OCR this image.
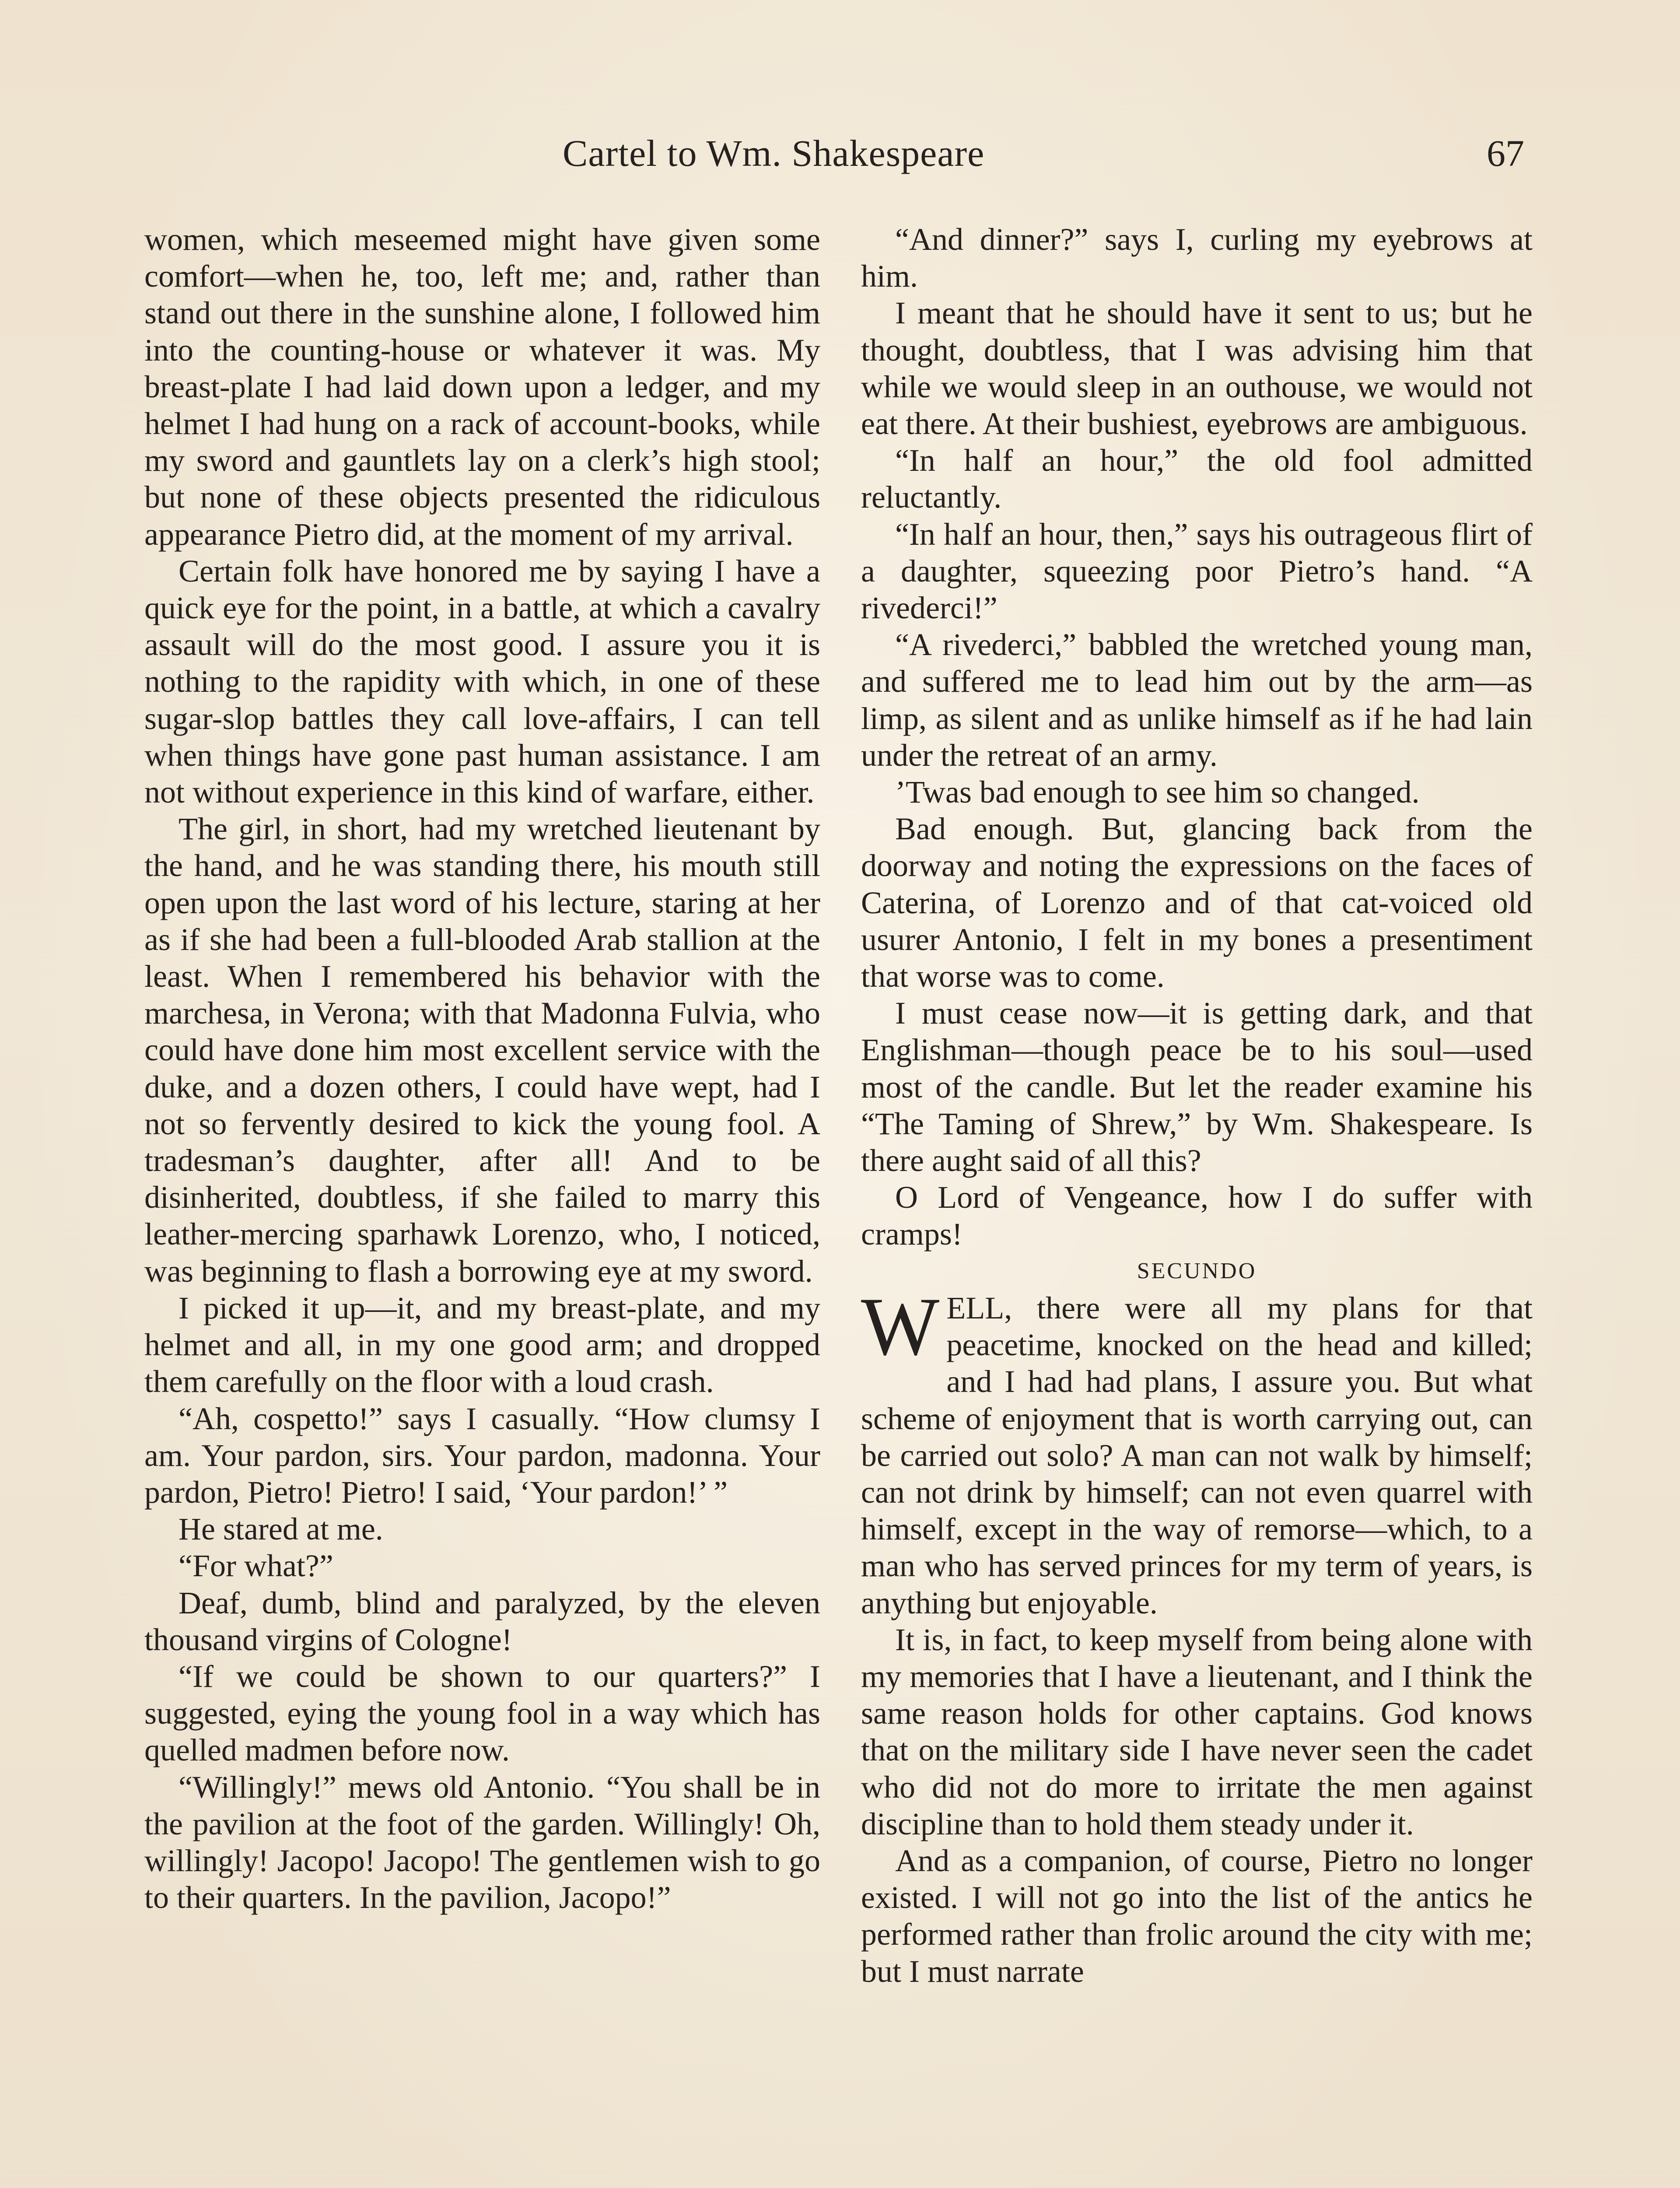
Cartel to Wm. Shakespeare	67

women, which meseemed might have given some comfort—when he, too, left me; and, rather than stand out there in the sunshine alone, I followed him into the counting-house or whatever it was. My breast-plate I had laid down upon a ledger, and my helmet I had hung on a rack of account-books, while my sword and gauntlets lay on a clerk’s high stool; but none of these objects presented the ridiculous appearance Pietro did, at the moment of my arrival.

Certain folk have honored me by saying I have a quick eye for the point, in a battle, at which a cavalry assault will do the most good. I assure you it is nothing to the rapidity with which, in one of these sugar-slop battles they call love-affairs, I can tell when things have gone past human assistance. I am not without experience in this kind of warfare, either.

The girl, in short, had my wretched lieutenant by the hand, and he was standing there, his mouth still open upon the last word of his lecture, staring at her as if she had been a full-blooded Arab stallion at the least. When I remembered his behavior with the marchesa, in Verona; with that Madonna Fulvia, who could have done him most excellent service with the duke, and a dozen others, I could have wept, had I not so fervently desired to kick the young fool. A tradesman’s daughter, after all! And to be disinherited, doubtless, if she failed to marry this leather-mercing sparhawk Lorenzo, who, I noticed, was beginning to flash a borrowing eye at my sword.

I picked it up—it, and my breast-plate, and my helmet and all, in my one good arm; and dropped them carefully on the floor with a loud crash.

“Ah, cospetto!” says I casually. “How clumsy I am. Your pardon, sirs. Your pardon, madonna. Your pardon, Pietro! Pietro! I said, ‘Your pardon!’ ”

He stared at me.

“For what?”

Deaf, dumb, blind and paralyzed, by the eleven thousand virgins of Cologne!

“If we could be shown to our quarters?” I suggested, eying the young fool in a way which has quelled madmen before now.

“Willingly!” mews old Antonio. “You shall be in the pavilion at the foot of the garden. Willingly! Oh, willingly! Jacopo! Jacopo! The gentlemen wish to go to their quarters. In the pavilion, Jacopo!”

“And dinner?” says I, curling my eyebrows at him.

I meant that he should have it sent to us; but he thought, doubtless, that I was advising him that while we would sleep in an outhouse, we would not eat there. At their bushiest, eyebrows are ambiguous.

“In half an hour,” the old fool admitted reluctantly.

“In half an hour, then,” says his outrageous flirt of a daughter, squeezing poor Pietro’s hand. “A rivederci!”

“A rivederci,” babbled the wretched young man, and suffered me to lead him out by the arm—as limp, as silent and as unlike himself as if he had lain under the retreat of an army.

’Twas bad enough to see him so changed.

Bad enough. But, glancing back from the doorway and noting the expressions on the faces of Caterina, of Lorenzo and of that cat-voiced old usurer Antonio, I felt in my bones a presentiment that worse was to come.

I must cease now—it is getting dark, and that Englishman—though peace be to his soul—used most of the candle. But let the reader examine his “The Taming of Shrew,” by Wm. Shakespeare. Is there aught said of all this?

O Lord of Vengeance, how I do suffer with cramps!

SECUNDO

WELL, there were all my plans for that peacetime, knocked on the head and killed; and I had had plans, I assure you. But what scheme of enjoyment that is worth carrying out, can be carried out solo? A man can not walk by himself; can not drink by himself; can not even quarrel with himself, except in the way of remorse—which, to a man who has served princes for my term of years, is anything but enjoyable.

It is, in fact, to keep myself from being alone with my memories that I have a lieutenant, and I think the same reason holds for other captains. God knows that on the military side I have never seen the cadet who did not do more to irritate the men against discipline than to hold them steady under it.

And as a companion, of course, Pietro no longer existed. I will not go into the list of the antics he performed rather than frolic around the city with me; but I must narrate
